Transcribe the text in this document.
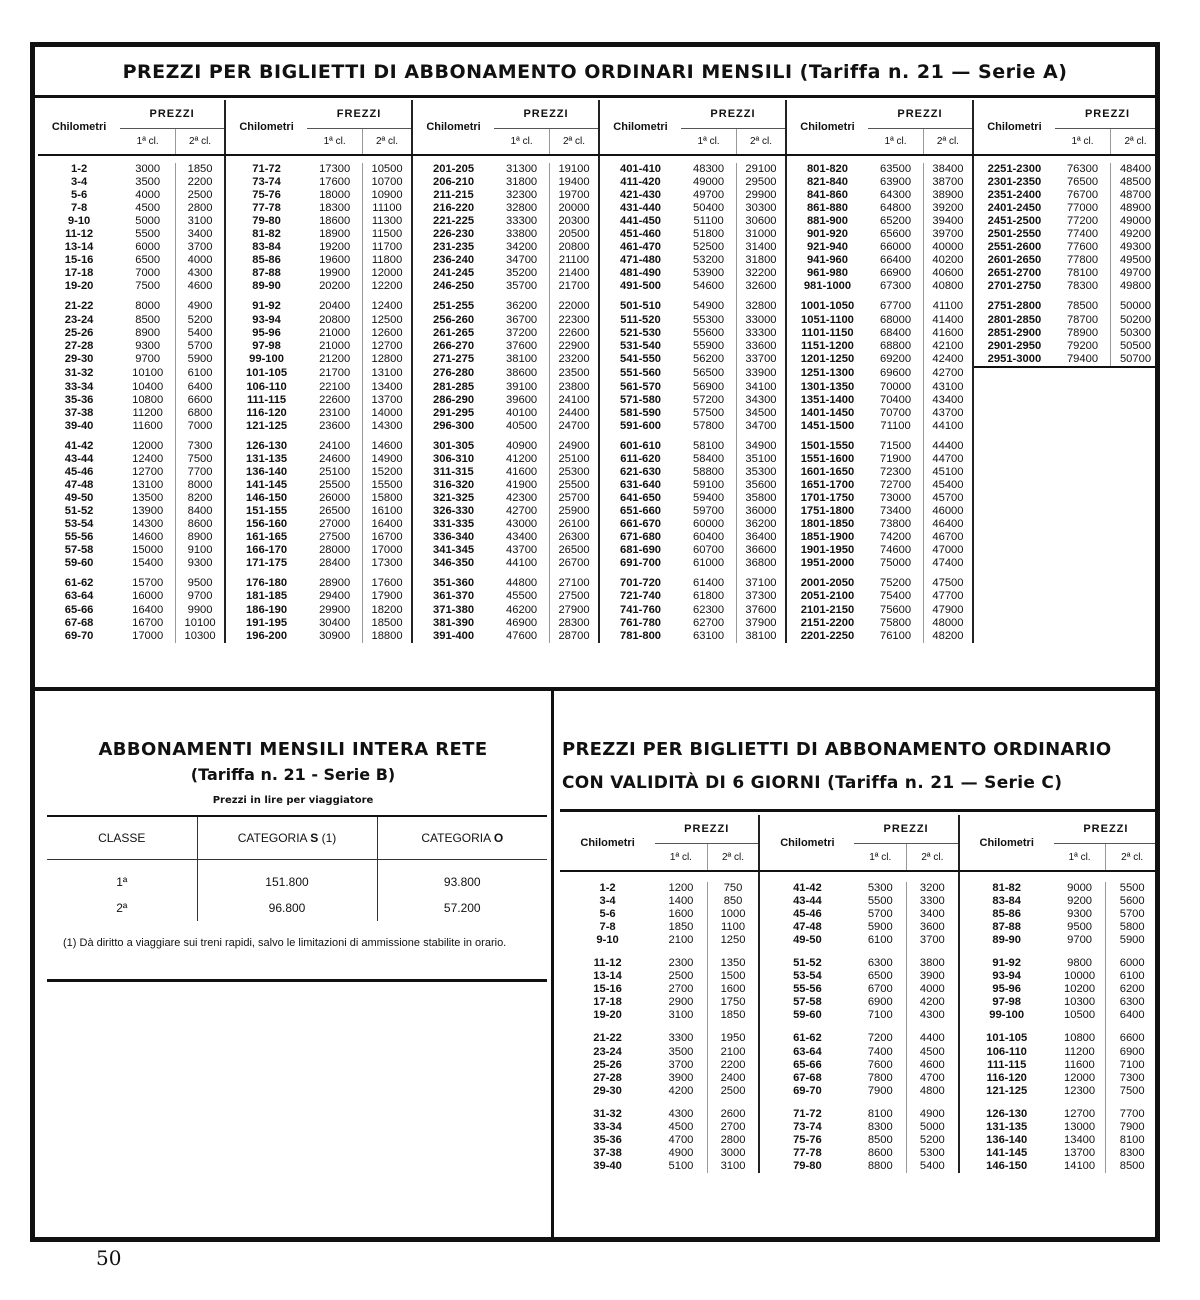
PREZZI PER BIGLIETTI DI ABBONAMENTO ORDINARI MENSILI (Tariffa n. 21 — Serie A)
Chilometri	PREZZI		Chilometri	FREZZI		Chilometri	PREZZI		Chilometri	PREZZI		Chilometri	PREZZI		Chilometri	PREZZI	
	1ª cl.	2ª cl.		1ª cl.	2ª cl.		1ª cl.	2ª cl.		1ª cl.	2ª cl.		1ª cl.	2ª cl.		1ª cl.	2ª cl.

1-2	3000	1850	71-72	17300	10500	201-205	31300	19100	401-410	48300	29100	801-820	63500	38400	2251-2300	76300	48400
3-4	3500	2200	73-74	17600	10700	206-210	31800	19400	411-420	49000	29500	821-840	63900	38700	2301-2350	76500	48500
5-6	4000	2500	75-76	18000	10900	211-215	32300	19700	421-430	49700	29900	841-860	64300	38900	2351-2400	76700	48700
7-8	4500	2800	77-78	18300	11100	216-220	32800	20000	431-440	50400	30300	861-880	64800	39200	2401-2450	77000	48900
9-10	5000	3100	79-80	18600	11300	221-225	33300	20300	441-450	51100	30600	881-900	65200	39400	2451-2500	77200	49000
11-12	5500	3400	81-82	18900	11500	226-230	33800	20500	451-460	51800	31000	901-920	65600	39700	2501-2550	77400	49200
13-14	6000	3700	83-84	19200	11700	231-235	34200	20800	461-470	52500	31400	921-940	66000	40000	2551-2600	77600	49300
15-16	6500	4000	85-86	19600	11800	236-240	34700	21100	471-480	53200	31800	941-960	66400	40200	2601-2650	77800	49500
17-18	7000	4300	87-88	19900	12000	241-245	35200	21400	481-490	53900	32200	961-980	66900	40600	2651-2700	78100	49700
19-20	7500	4600	89-90	20200	12200	246-250	35700	21700	491-500	54600	32600	981-1000	67300	40800	2701-2750	78300	49800

21-22	8000	4900	91-92	20400	12400	251-255	36200	22000	501-510	54900	32800	1001-1050	67700	41100	2751-2800	78500	50000
23-24	8500	5200	93-94	20800	12500	256-260	36700	22300	511-520	55300	33000	1051-1100	68000	41400	2801-2850	78700	50200
25-26	8900	5400	95-96	21000	12600	261-265	37200	22600	521-530	55600	33300	1101-1150	68400	41600	2851-2900	78900	50300
27-28	9300	5700	97-98	21000	12700	266-270	37600	22900	531-540	55900	33600	1151-1200	68800	42100	2901-2950	79200	50500
29-30	9700	5900	99-100	21200	12800	271-275	38100	23200	541-550	56200	33700	1201-1250	69200	42400	2951-3000	79400	50700
31-32	10100	6100	101-105	21700	13100	276-280	38600	23500	551-560	56500	33900	1251-1300	69600	42700			
33-34	10400	6400	106-110	22100	13400	281-285	39100	23800	561-570	56900	34100	1301-1350	70000	43100			
35-36	10800	6600	111-115	22600	13700	286-290	39600	24100	571-580	57200	34300	1351-1400	70400	43400			
37-38	11200	6800	116-120	23100	14000	291-295	40100	24400	581-590	57500	34500	1401-1450	70700	43700			
39-40	11600	7000	121-125	23600	14300	296-300	40500	24700	591-600	57800	34700	1451-1500	71100	44100			

41-42	12000	7300	126-130	24100	14600	301-305	40900	24900	601-610	58100	34900	1501-1550	71500	44400			
43-44	12400	7500	131-135	24600	14900	306-310	41200	25100	611-620	58400	35100	1551-1600	71900	44700			
45-46	12700	7700	136-140	25100	15200	311-315	41600	25300	621-630	58800	35300	1601-1650	72300	45100			
47-48	13100	8000	141-145	25500	15500	316-320	41900	25500	631-640	59100	35600	1651-1700	72700	45400			
49-50	13500	8200	146-150	26000	15800	321-325	42300	25700	641-650	59400	35800	1701-1750	73000	45700			
51-52	13900	8400	151-155	26500	16100	326-330	42700	25900	651-660	59700	36000	1751-1800	73400	46000			
53-54	14300	8600	156-160	27000	16400	331-335	43000	26100	661-670	60000	36200	1801-1850	73800	46400			
55-56	14600	8900	161-165	27500	16700	336-340	43400	26300	671-680	60400	36400	1851-1900	74200	46700			
57-58	15000	9100	166-170	28000	17000	341-345	43700	26500	681-690	60700	36600	1901-1950	74600	47000			
59-60	15400	9300	171-175	28400	17300	346-350	44100	26700	691-700	61000	36800	1951-2000	75000	47400			

61-62	15700	9500	176-180	28900	17600	351-360	44800	27100	701-720	61400	37100	2001-2050	75200	47500			
63-64	16000	9700	181-185	29400	17900	361-370	45500	27500	721-740	61800	37300	2051-2100	75400	47700			
65-66	16400	9900	186-190	29900	18200	371-380	46200	27900	741-760	62300	37600	2101-2150	75600	47900			
67-68	16700	10100	191-195	30400	18500	381-390	46900	28300	761-780	62700	37900	2151-2200	75800	48000			
69-70	17000	10300	196-200	30900	18800	391-400	47600	28700	781-800	63100	38100	2201-2250	76100	48200			
ABBONAMENTI MENSILI INTERA RETE
(Tariffa n. 21 - Serie B)
Prezzi in lire per viaggiatore
CLASSE	CATEGORIA S (1)	CATEGORIA O
1ª	151.800	93.800
2ª	96.800	57.200
(1) Dà diritto a viaggiare sui treni rapidi, salvo le limitazioni di ammissione stabilite in orario.
PREZZI PER BIGLIETTI DI ABBONAMENTO ORDINARIO
CON VALIDITÀ DI 6 GIORNI (Tariffa n. 21 — Serie C)
Chilometri	PREZZI		Chilometri	PREZZI		Chilometri	PREZZI	
	1ª cl.	2ª cl.		1ª cl.	2ª cl.		1ª cl.	2ª cl.

1-2	1200	750	41-42	5300	3200	81-82	9000	5500
3-4	1400	850	43-44	5500	3300	83-84	9200	5600
5-6	1600	1000	45-46	5700	3400	85-86	9300	5700
7-8	1850	1100	47-48	5900	3600	87-88	9500	5800
9-10	2100	1250	49-50	6100	3700	89-90	9700	5900

11-12	2300	1350	51-52	6300	3800	91-92	9800	6000
13-14	2500	1500	53-54	6500	3900	93-94	10000	6100
15-16	2700	1600	55-56	6700	4000	95-96	10200	6200
17-18	2900	1750	57-58	6900	4200	97-98	10300	6300
19-20	3100	1850	59-60	7100	4300	99-100	10500	6400

21-22	3300	1950	61-62	7200	4400	101-105	10800	6600
23-24	3500	2100	63-64	7400	4500	106-110	11200	6900
25-26	3700	2200	65-66	7600	4600	111-115	11600	7100
27-28	3900	2400	67-68	7800	4700	116-120	12000	7300
29-30	4200	2500	69-70	7900	4800	121-125	12300	7500

31-32	4300	2600	71-72	8100	4900	126-130	12700	7700
33-34	4500	2700	73-74	8300	5000	131-135	13000	7900
35-36	4700	2800	75-76	8500	5200	136-140	13400	8100
37-38	4900	3000	77-78	8600	5300	141-145	13700	8300
39-40	5100	3100	79-80	8800	5400	146-150	14100	8500
50
